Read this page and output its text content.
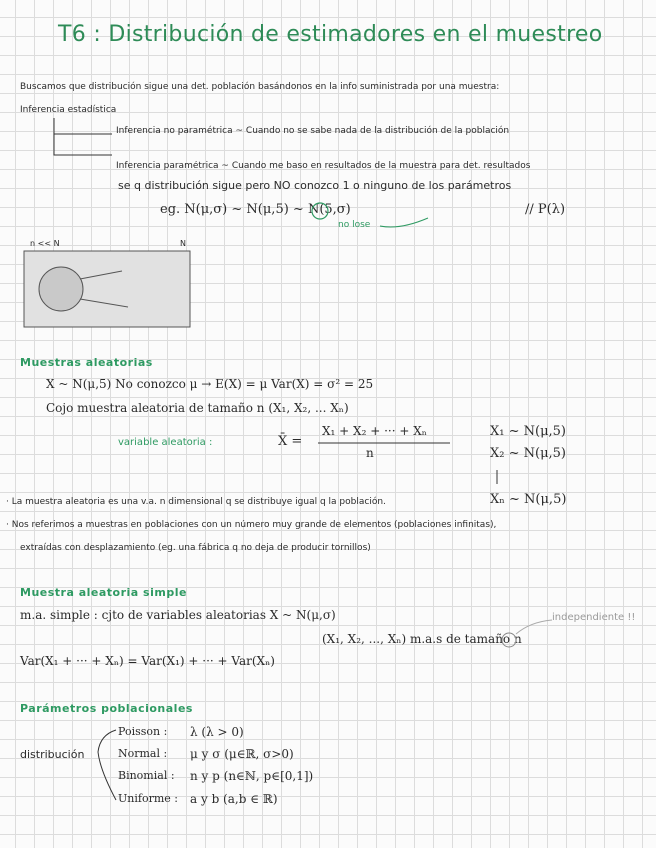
T6 : Distribución de estimadores en el muestreo
Buscamos que distribución sigue una det. población basándonos en la info suministrada por una muestra:
Inferencia estadística
Inferencia no paramétrica ~ Cuando no se sabe nada de la distribución de la población
Inferencia paramétrica ~ Cuando me baso en resultados de la muestra para det. resultados
se q distribución sigue pero NO conozco 1 o ninguno de los parámetros
eg. N(μ,σ) ~ N(μ,5) ~ N(5,σ)	// P(λ)
no lose
n << N	N
Muestras aleatorias
X ~ N(μ,5) No conozco μ → E(X) = μ Var(X) = σ² = 25
Cojo muestra aleatoria de tamaño n (X₁, X₂, ... Xₙ)
variable aleatoria :	X̄ =
X₁ + X₂ + ··· + Xₙ
n
X₁ ~ N(μ,5)
X₂ ~ N(μ,5)
Xₙ ~ N(μ,5)
· La muestra aleatoria es una v.a. n dimensional q se distribuye igual q la población.
· Nos referimos a muestras en poblaciones con un número muy grande de elementos (poblaciones infinitas),
extraídas con desplazamiento (eg. una fábrica q no deja de producir tornillos)
Muestra aleatoria simple
m.a. simple : cjto de variables aleatorias X ~ N(μ,σ)	independiente !!
(X₁, X₂, ..., Xₙ) m.a.s de tamaño n
Var(X₁ + ··· + Xₙ) = Var(X₁) + ··· + Var(Xₙ)
Parámetros poblacionales
distribución
Poisson : λ (λ > 0)
Normal : μ y σ (μ∈ℝ, σ>0)
Binomial : n y p (n∈ℕ, p∈[0,1])
Uniforme : a y b (a,b ∈ ℝ)
